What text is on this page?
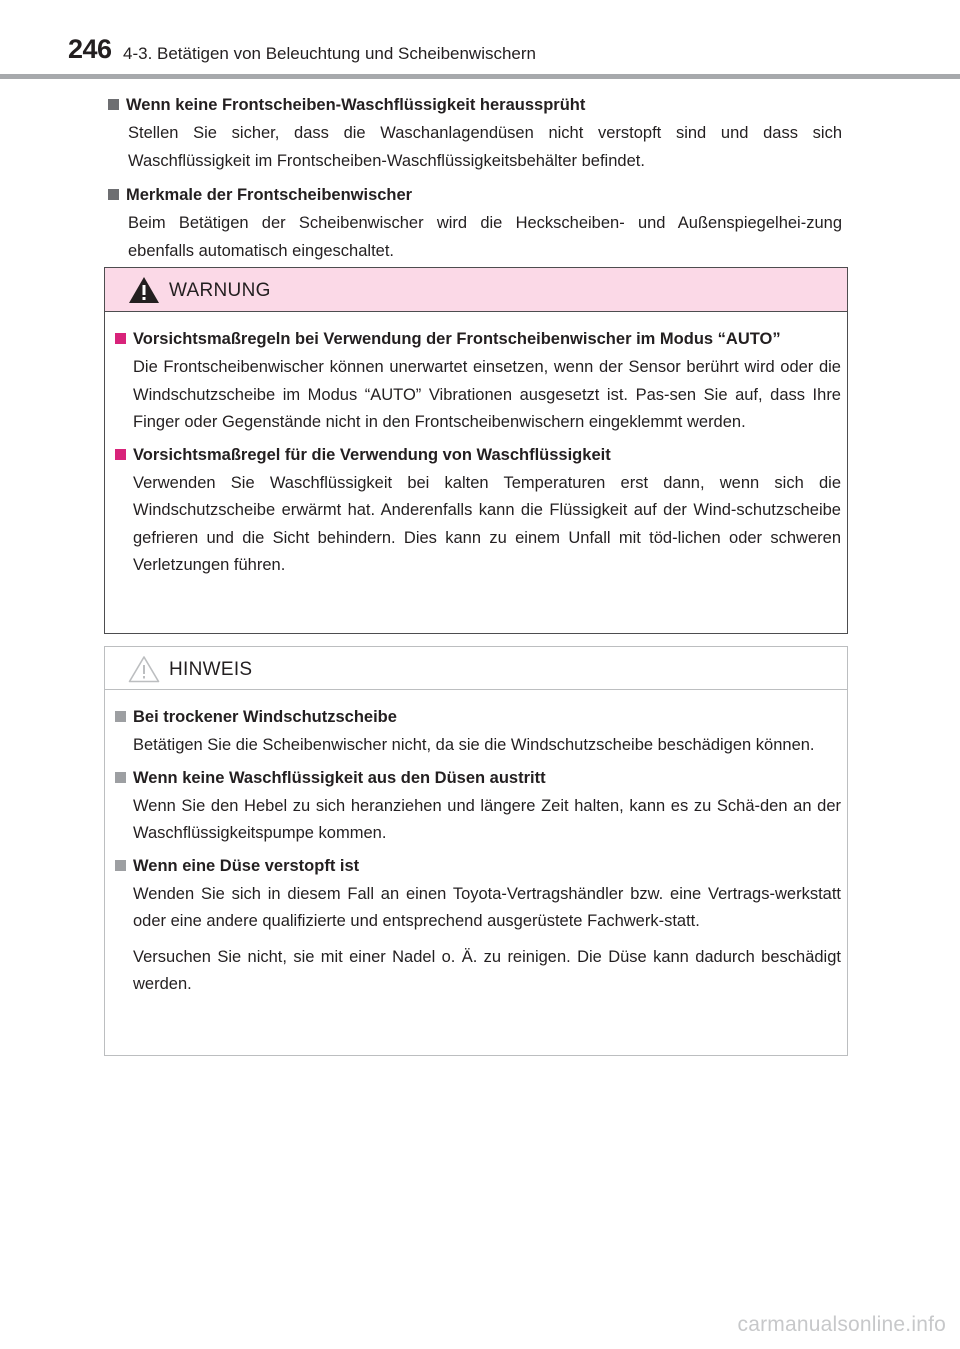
246 4-3. Betätigen von Beleuchtung und Scheibenwischern
Wenn keine Frontscheiben-Waschflüssigkeit heraussprüht
Stellen Sie sicher, dass die Waschanlagendüsen nicht verstopft sind und dass sich Waschflüssigkeit im Frontscheiben-Waschflüssigkeitsbehälter befindet.
Merkmale der Frontscheibenwischer
Beim Betätigen der Scheibenwischer wird die Heckscheiben- und Außenspiegelhei-zung ebenfalls automatisch eingeschaltet.
WARNUNG
Vorsichtsmaßregeln bei Verwendung der Frontscheibenwischer im Modus “AUTO”
Die Frontscheibenwischer können unerwartet einsetzen, wenn der Sensor berührt wird oder die Windschutzscheibe im Modus “AUTO” Vibrationen ausgesetzt ist. Pas-sen Sie auf, dass Ihre Finger oder Gegenstände nicht in den Frontscheibenwischern eingeklemmt werden.
Vorsichtsmaßregel für die Verwendung von Waschflüssigkeit
Verwenden Sie Waschflüssigkeit bei kalten Temperaturen erst dann, wenn sich die Windschutzscheibe erwärmt hat. Anderenfalls kann die Flüssigkeit auf der Wind-schutzscheibe gefrieren und die Sicht behindern. Dies kann zu einem Unfall mit töd-lichen oder schweren Verletzungen führen.
HINWEIS
Bei trockener Windschutzscheibe
Betätigen Sie die Scheibenwischer nicht, da sie die Windschutzscheibe beschädigen können.
Wenn keine Waschflüssigkeit aus den Düsen austritt
Wenn Sie den Hebel zu sich heranziehen und längere Zeit halten, kann es zu Schä-den an der Waschflüssigkeitspumpe kommen.
Wenn eine Düse verstopft ist
Wenden Sie sich in diesem Fall an einen Toyota-Vertragshändler bzw. eine Vertrags-werkstatt oder eine andere qualifizierte und entsprechend ausgerüstete Fachwerk-statt.
Versuchen Sie nicht, sie mit einer Nadel o. Ä. zu reinigen. Die Düse kann dadurch beschädigt werden.
carmanualsonline.info
